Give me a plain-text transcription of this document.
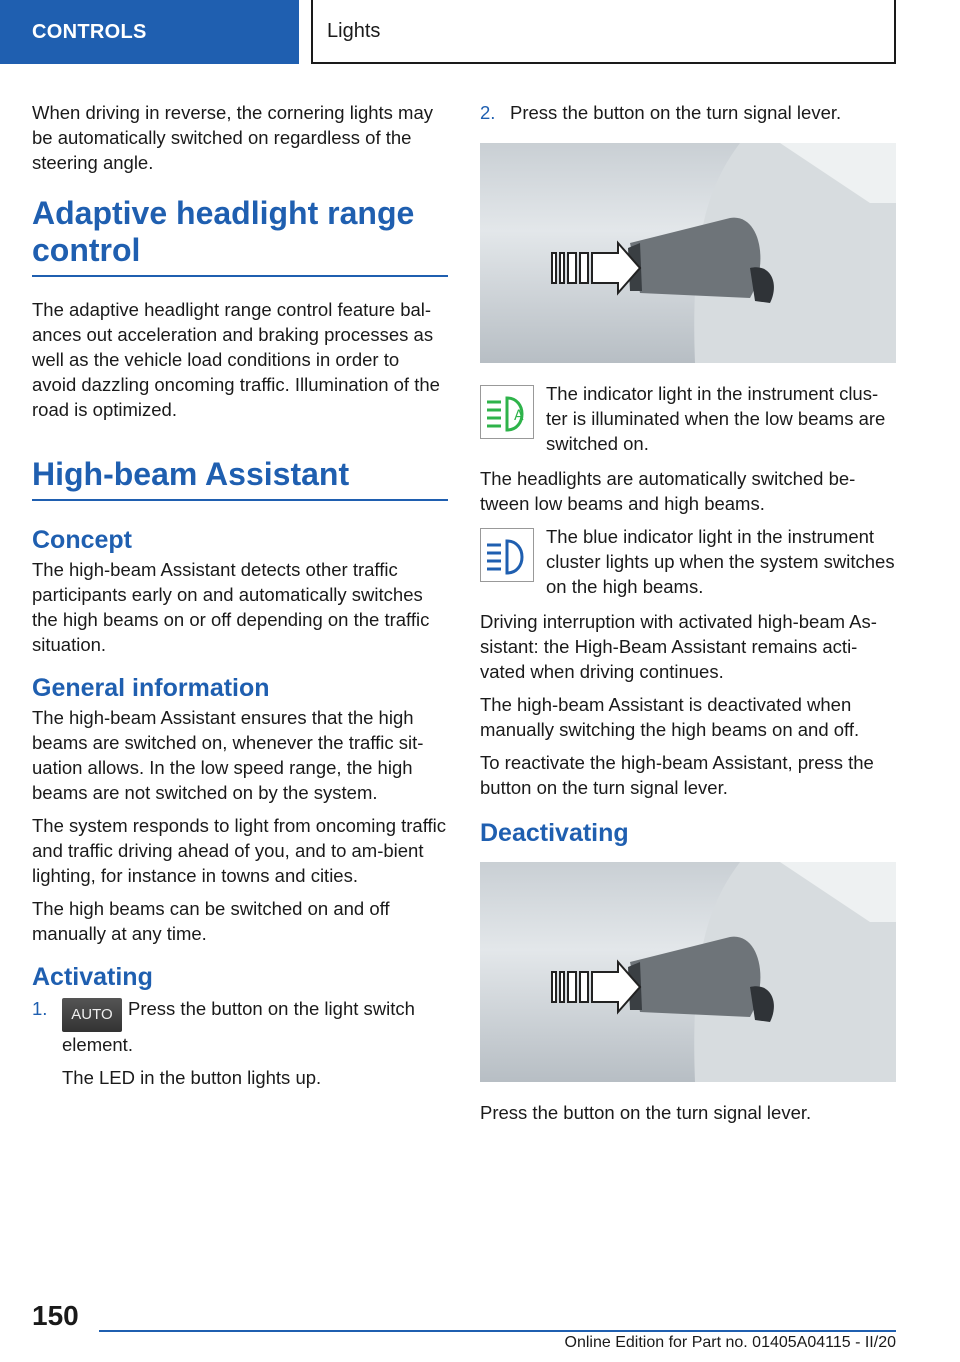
CONTROLS	Lights

When driving in reverse, the cornering lights may be automatically switched on regardless of the steering angle.

Adaptive headlight range control

The adaptive headlight range control feature bal-ances out acceleration and braking processes as well as the vehicle load conditions in order to avoid dazzling oncoming traffic. Illumination of the road is optimized.

High-beam Assistant
Concept

The high-beam Assistant detects other traffic participants early on and automatically switches the high beams on or off depending on the traffic situation.

General information

The high-beam Assistant ensures that the high beams are switched on, whenever the traffic sit-uation allows. In the low speed range, the high beams are not switched on by the system.

The system responds to light from oncoming traffic and traffic driving ahead of you, and to am-bient lighting, for instance in towns and cities.

The high beams can be switched on and off manually at any time.

Activating
1.	AUTO Press the button on the light switch element.

The LED in the button lights up.

2. Press the button on the turn signal lever.

A

The indicator light in the instrument clus-ter is illuminated when the low beams are switched on.

The headlights are automatically switched be-tween low beams and high beams.

The blue indicator light in the instrument cluster lights up when the system switches on the high beams.

Driving interruption with activated high-beam As-sistant: the High-Beam Assistant remains acti-vated when driving continues.

The high-beam Assistant is deactivated when manually switching the high beams on and off.

To reactivate the high-beam Assistant, press the button on the turn signal lever.

Deactivating

Press the button on the turn signal lever.

150
Online Edition for Part no. 01405A04115 - II/20
